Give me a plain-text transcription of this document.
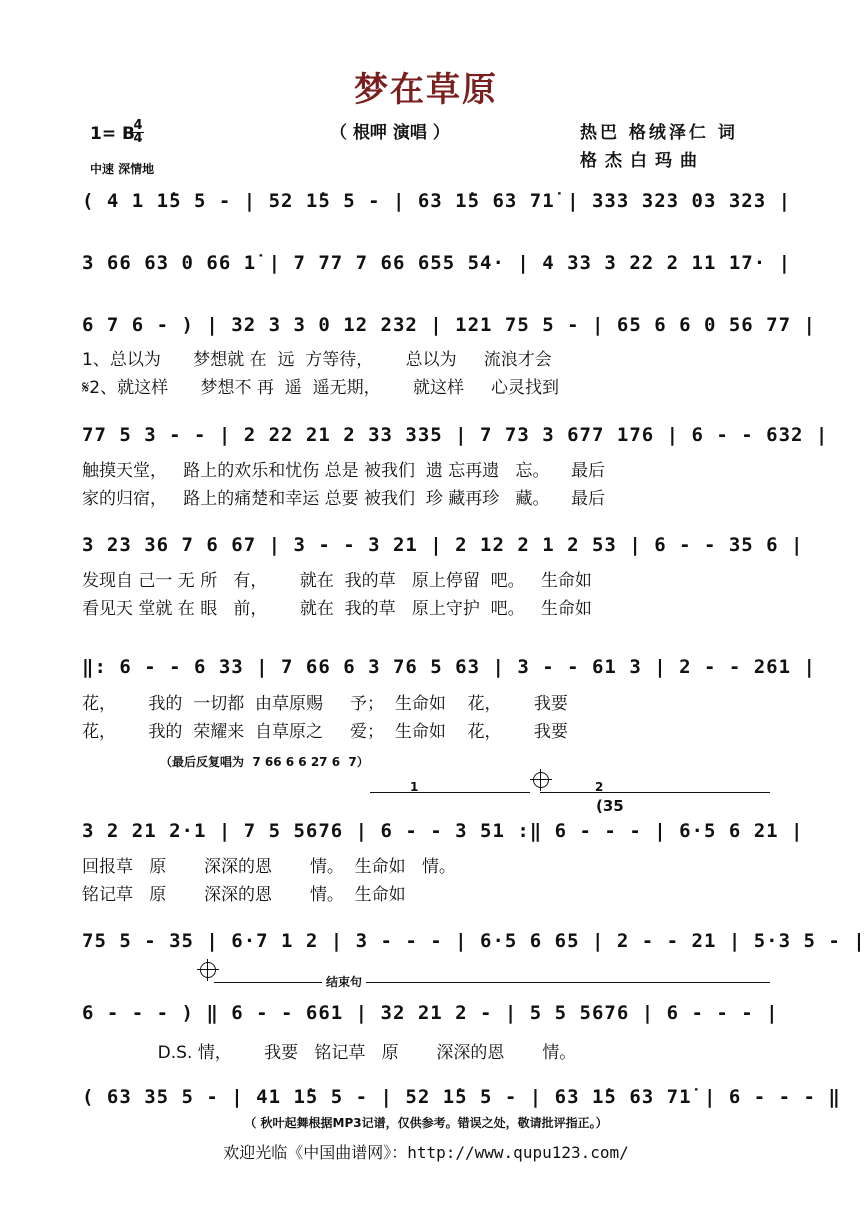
梦在草原
（ 根呷 演唱 ）	热巴 格绒泽仁 词
格杰白玛曲
1= B
4
4
中速 深情地
( 4 1 1̇5 5 - | 52 1̇5 5 - | 63 1̇5 63 71̇ | 333 323 03 323 |
3 66 63 0 66 1̇ | 7 77 7 66 655 54· | 4 33 3 22 2 11 17· |
6 7 6 - ) | 32 3 3 0 12 232 | 121 75 5 - | 65 6 6 0 56 77 |
1、总以为      梦想就 在  远  方等待，      总以为     流浪才会
𝄋2、就这样      梦想不 再  遥  遥无期，      就这样     心灵找到
77 5 3 - - | 2 22 21 2 33 335 | 7 73 3 677 176 | 6 - - 632 |
触摸天堂，   路上的欢乐和忧伤 总是 被我们  遗 忘再遗   忘。    最后
家的归宿，   路上的痛楚和幸运 总要 被我们  珍 藏再珍   藏。    最后
3 23 36 7 6 67 | 3 - - 3 21 | 2 12 2 1 2 53 | 6 - - 35 6 |
发现自 己一 无 所   有，      就在  我的草   原上停留  吧。   生命如
看见天 堂就 在 眼   前，      就在  我的草   原上守护  吧。   生命如
‖: 6 - - 6 33 | 7 66 6 3 76 5 63 | 3 - - 61 3 | 2 - - 261 |
花，      我的  一切都  由草原赐     予；  生命如    花，      我要
花，      我的  荣耀来  自草原之     爱；  生命如    花，      我要
（最后反复唱为  7 66 6 6 27 6  7）
1	2
(35
3 2 21 2·1 | 7 5 5676 | 6 - - 3 51 :‖ 6 - - - | 6·5 6 21 |
回报草   原       深深的恩       情。  生命如   情。
铭记草   原       深深的恩       情。  生命如
75 5 - 35 | 6·7 1 2 | 3 - - - | 6·5 6 65 | 2 - - 21 | 5·3 5 - |
结束句
6 - - - ) ‖ 6 - - 661 | 32 21 2 - | 5 5 5676 | 6 - - - |
D.S. 情，      我要   铭记草   原       深深的恩       情。
( 63 35 5 - | 41 1̇5 5 - | 52 1̇5 5 - | 63 1̇5 63 71̇ | 6 - - - ‖
（ 秋叶起舞根据MP3记谱，仅供参考。错误之处，敬请批评指正。）
欢迎光临《中国曲谱网》：http://www.qupu123.com/
